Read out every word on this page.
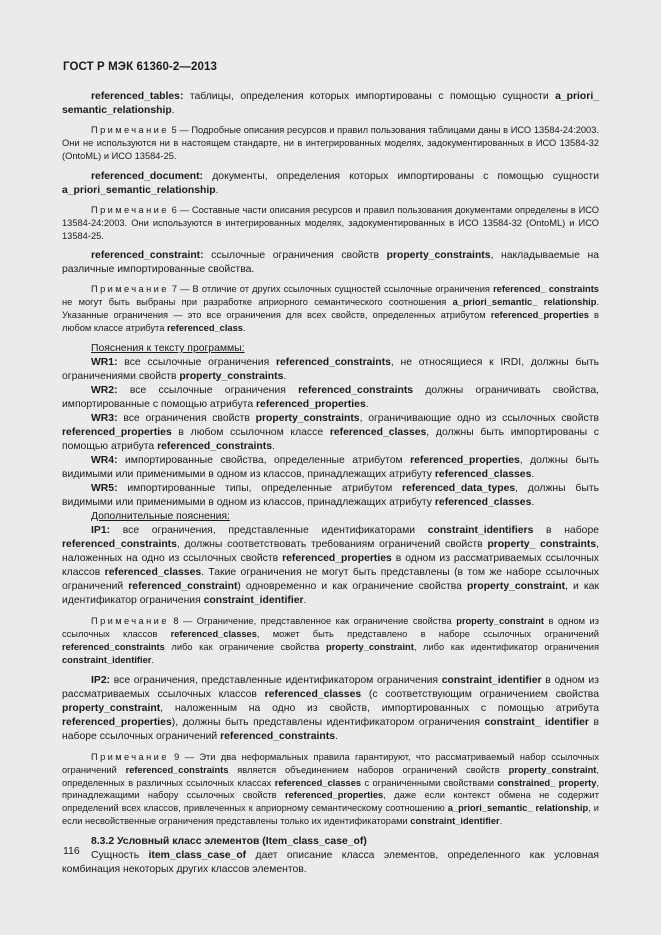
ГОСТ Р МЭК 61360-2—2013

referenced_tables: таблицы, определения которых импортированы с помощью сущности a_priori_ semantic_relationship.

Примечание 5 — Подробные описания ресурсов и правил пользования таблицами даны в ИСО 13584-24:2003. Они не используются ни в настоящем стандарте, ни в интегрированных моделях, задокументированных в ИСО 13584-32 (OntoML) и ИСО 13584-25.

referenced_document: документы, определения которых импортированы с помощью сущности a_priori_semantic_relationship.

Примечание 6 — Составные части описания ресурсов и правил пользования документами определены в ИСО 13584-24:2003. Они используются в интегрированных моделях, задокументированных в ИСО 13584-32 (OntoML) и ИСО 13584-25.

referenced_constraint: ссылочные ограничения свойств property_constraints, накладываемые на различные импортированные свойства.

Примечание 7 — В отличие от других ссылочных сущностей ссылочные ограничения referenced_ constraints не могут быть выбраны при разработке априорного семантического соотношения a_priori_semantic_ relationship. Указанные ограничения — это все ограничения для всех свойств, определенных атрибутом referenced_properties в любом классе атрибута referenced_class.

Пояснения к тексту программы:

WR1: все ссылочные ограничения referenced_constraints, не относящиеся к IRDI, должны быть ограничениями свойств property_constraints.

WR2: все ссылочные ограничения referenced_constraints должны ограничивать свойства, импортированные с помощью атрибута referenced_properties.

WR3: все ограничения свойств property_constraints, ограничивающие одно из ссылочных свойств referenced_properties в любом ссылочном классе referenced_classes, должны быть импортированы с помощью атрибута referenced_constraints.

WR4: импортированные свойства, определенные атрибутом referenced_properties, должны быть видимыми или применимыми в одном из классов, принадлежащих атрибуту referenced_classes.

WR5: импортированные типы, определенные атрибутом referenced_data_types, должны быть видимыми или применимыми в одном из классов, принадлежащих атрибуту referenced_classes.

Дополнительные пояснения:

IP1: все ограничения, представленные идентификаторами constraint_identifiers в наборе referenced_constraints, должны соответствовать требованиям ограничений свойств property_ constraints, наложенных на одно из ссылочных свойств referenced_properties в одном из рассматриваемых ссылочных классов referenced_classes. Такие ограничения не могут быть представлены (в том же наборе ссылочных ограничений referenced_constraint) одновременно и как ограничение свойства property_constraint, и как идентификатор ограничения constraint_identifier.

Примечание 8 — Ограничение, представленное как ограничение свойства property_constraint в одном из ссылочных классов referenced_classes, может быть представлено в наборе ссылочных ограничений referenced_constraints либо как ограничение свойства property_constraint, либо как идентификатор ограничения constraint_identifier.

IP2: все ограничения, представленные идентификатором ограничения constraint_identifier в одном из рассматриваемых ссылочных классов referenced_classes (с соответствующим ограничением свойства property_constraint, наложенным на одно из свойств, импортированных с помощью атрибута referenced_properties), должны быть представлены идентификатором ограничения constraint_ identifier в наборе ссылочных ограничений referenced_constraints.

Примечание 9 — Эти два неформальных правила гарантируют, что рассматриваемый набор ссылочных ограничений referenced_constraints является объединением наборов ограничений свойств property_constraint, определенных в различных ссылочных классах referenced_classes с ограниченными свойствами constrained_ property, принадлежащими набору ссылочных свойств referenced_properties, даже если контекст обмена не содержит определений всех классов, привлеченных к априорному семантическому соотношению a_priori_semantic_ relationship, и если несвойственные ограничения представлены только их идентификаторами constraint_identifier.

8.3.2 Условный класс элементов (Item_class_case_of)

Сущность item_class_case_of дает описание класса элементов, определенного как условная комбинация некоторых других классов элементов.

116
